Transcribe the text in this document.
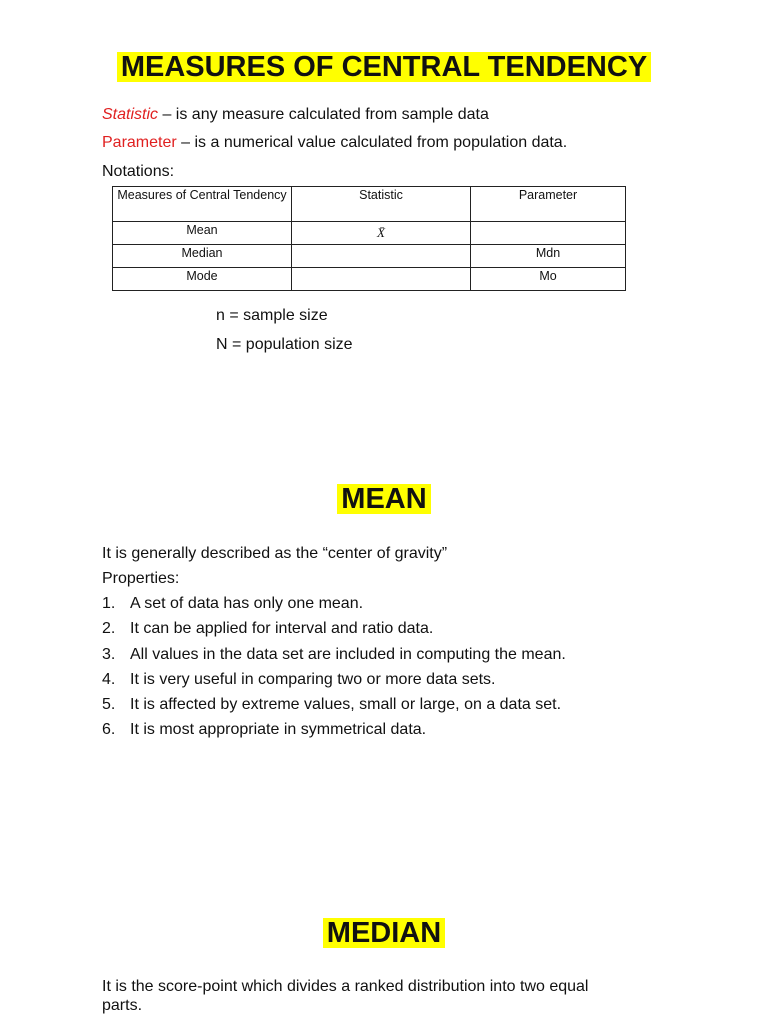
MEASURES OF CENTRAL TENDENCY
Statistic – is any measure calculated from sample data
Parameter – is a numerical value calculated from population data.
Notations:
Measures of Central Tendency	Statistic	Parameter
Mean	X̄	
Median		Mdn
Mode		Mo
n = sample size
N = population size
MEAN
It is generally described as the “center of gravity”
Properties:
1. A set of data has only one mean.
2. It can be applied for interval and ratio data.
3. All values in the data set are included in computing the mean.
4. It is very useful in comparing two or more data sets.
5. It is affected by extreme values, small or large, on a data set.
6. It is most appropriate in symmetrical data.
MEDIAN
It is the score-point which divides a ranked distribution into two equal
parts.
